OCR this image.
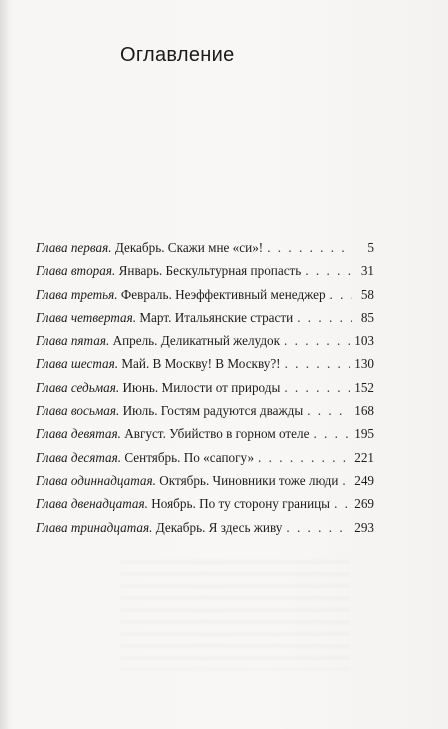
Оглавление
Глава первая.
Декабрь. Скажи мне «си»! . . .	5
Глава вторая.
Январь. Бескультурная пропасть . . .	31
Глава третья.
Февраль. Неэффективный менеджер . . .	58
Глава четвертая.
Март. Итальянские страсти . . .	85
Глава пятая.
Апрель. Деликатный желудок . . .	103
Глава шестая.
Май. В Москву! В Москву?! . . .	130
Глава седьмая.
Июнь. Милости от природы . . .	152
Глава восьмая.
Июль. Гостям радуются дважды . . .	168
Глава девятая.
Август. Убийство в горном отеле . . .	195
Глава десятая.
Сентябрь. По «сапогу» . . .	221
Глава одиннадцатая.
Октябрь. Чиновники тоже люди . . . 249
Глава двенадцатая.
Ноябрь. По ту сторону границы . . . 269
Глава тринадцатая.
Декабрь. Я здесь живу . . .	293
